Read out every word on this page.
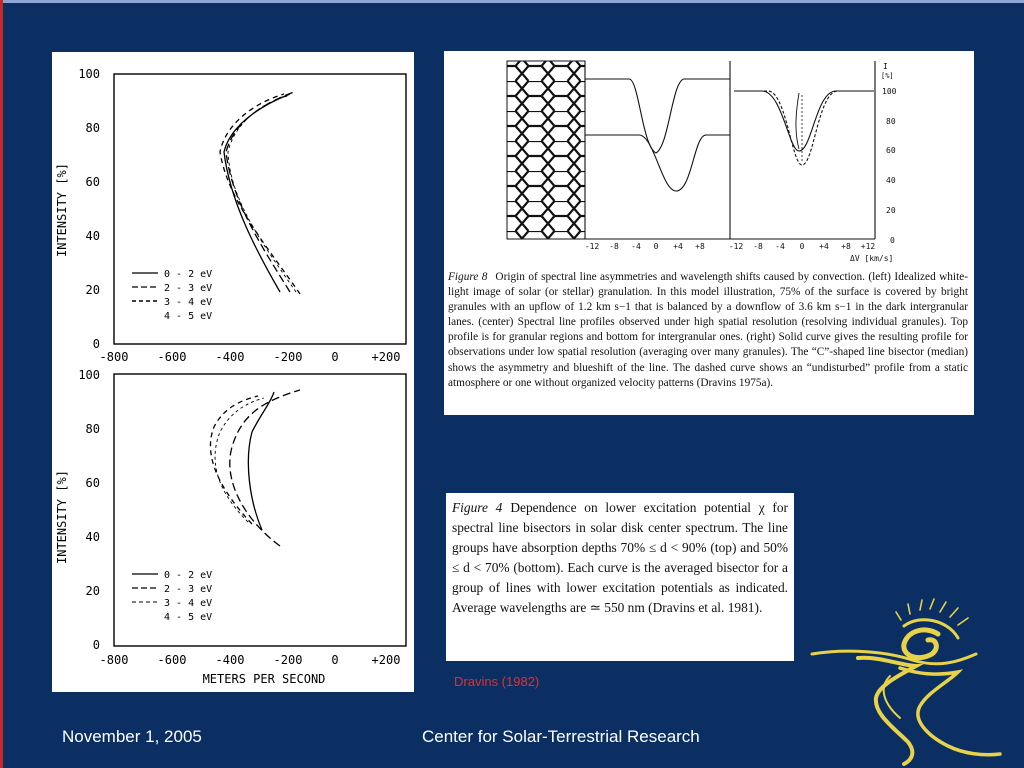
INTENSITY [%]
100
80
60
40
20
0
-800 -600 -400 -200 0	+200
0 - 2 eV
2 - 3 eV
3 - 4 eV
4 - 5 eV
INTENSITY [%]
100
80
60
40
20
0
-800 -600 -400 -200 0	+200
METERS PER SECOND
0 - 2 eV
2 - 3 eV
3 - 4 eV
4 - 5 eV
-12 -8 -4 0 +4 +8	-12 -8 -4 0 +4 +8 +12
ΔV [km/s]
I
[%]
100
80
60
40
20
0
Figure 8 Origin of spectral line asymmetries and wavelength shifts caused by convection. (left) Idealized white-light image of solar (or stellar) granulation. In this model illustration, 75% of the surface is covered by bright granules with an upflow of 1.2 km s−1 that is balanced by a downflow of 3.6 km s−1 in the dark intergranular lanes. (center) Spectral line profiles observed under high spatial resolution (resolving individual granules). Top profile is for granular regions and bottom for intergranular ones. (right) Solid curve gives the resulting profile for observations under low spatial resolution (averaging over many granules). The “C”-shaped line bisector (median) shows the asymmetry and blueshift of the line. The dashed curve shows an “undisturbed” profile from a static atmosphere or one without organized velocity patterns (Dravins 1975a).
Figure 4 Dependence on lower excitation potential χ for spectral line bisectors in solar disk center spectrum. The line groups have absorption depths 70% ≤ d < 90% (top) and 50% ≤ d < 70% (bottom). Each curve is the averaged bisector for a group of lines with lower excitation potentials as indicated. Average wavelengths are ≃ 550 nm (Dravins et al. 1981).
Dravins (1982)
November 1, 2005	Center for Solar-Terrestrial Research
